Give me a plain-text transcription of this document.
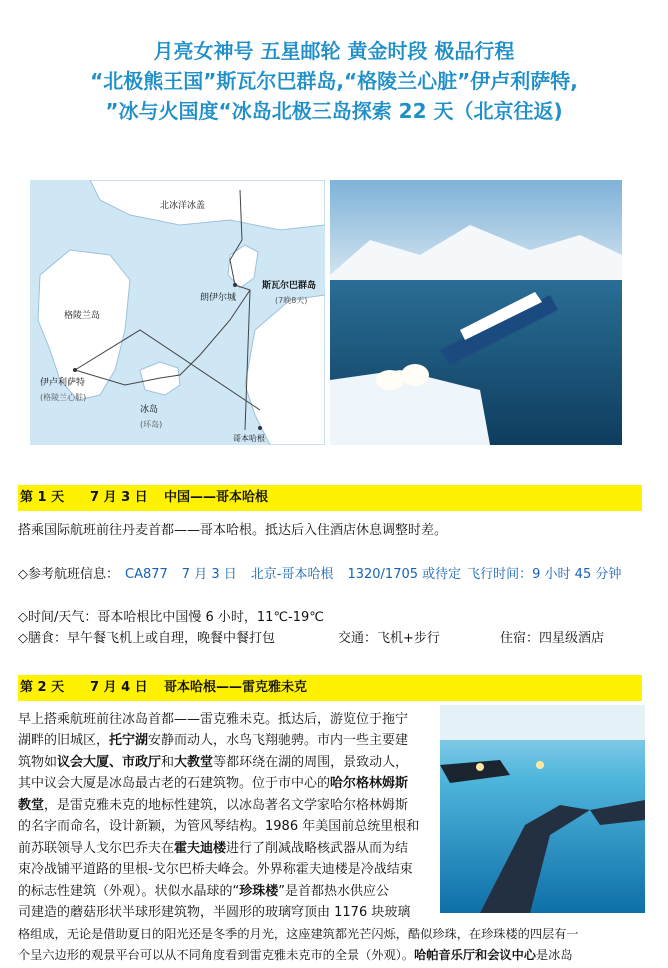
月亮女神号 五星邮轮 黄金时段 极品行程
“北极熊王国”斯瓦尔巴群岛,“格陵兰心脏”伊卢利萨特,
”冰与火国度“冰岛北极三岛探索 22 天（北京往返)
北冰洋冰盖
斯瓦尔巴群岛
(7晚8天)
朗伊尔城
格陵兰岛
伊卢利萨特
(格陵兰心脏)
冰岛
(环岛)
哥本哈根
第 1 天 7 月 3 日 中国——哥本哈根
搭乘国际航班前往丹麦首都——哥本哈根。抵达后入住酒店休息调整时差。
◇参考航班信息： CA877 7 月 3 日 北京-哥本哈根 1320/1705 或待定 飞行时间：9 小时 45 分钟
◇时间/天气：哥本哈根比中国慢 6 小时，11℃-19℃
◇膳食：早午餐飞机上或自理，晚餐中餐打包	交通：飞机+步行	住宿：四星级酒店
第 2 天 7 月 4 日 哥本哈根——雷克雅未克
早上搭乘航班前往冰岛首都——雷克雅未克。抵达后，游览位于拖宁
湖畔的旧城区，托宁湖安静而动人，水鸟飞翔驰骋。市内一些主要建
筑物如议会大厦、市政厅和大教堂等都环绕在湖的周围，景致动人，
其中议会大厦是冰岛最古老的石建筑物。位于市中心的哈尔格林姆斯
教堂，是雷克雅未克的地标性建筑，以冰岛著名文学家哈尔格林姆斯
的名字而命名，设计新颖，为管风琴结构。1986 年美国前总统里根和
前苏联领导人戈尔巴乔夫在霍夫迪楼进行了削减战略核武器从而为结
束冷战铺平道路的里根-戈尔巴桥夫峰会。外界称霍夫迪楼是冷战结束
的标志性建筑（外观）。状似水晶球的“珍珠楼”是首都热水供应公
司建造的蘑菇形状半球形建筑物，半圆形的玻璃穹顶由 1176 块玻璃
格组成，无论是借助夏日的阳光还是冬季的月光，这座建筑都光芒闪烁，酷似珍珠，在珍珠楼的四层有一
个呈六边形的观景平台可以从不同角度看到雷克雅未克市的全景（外观）。哈帕音乐厅和会议中心是冰岛
